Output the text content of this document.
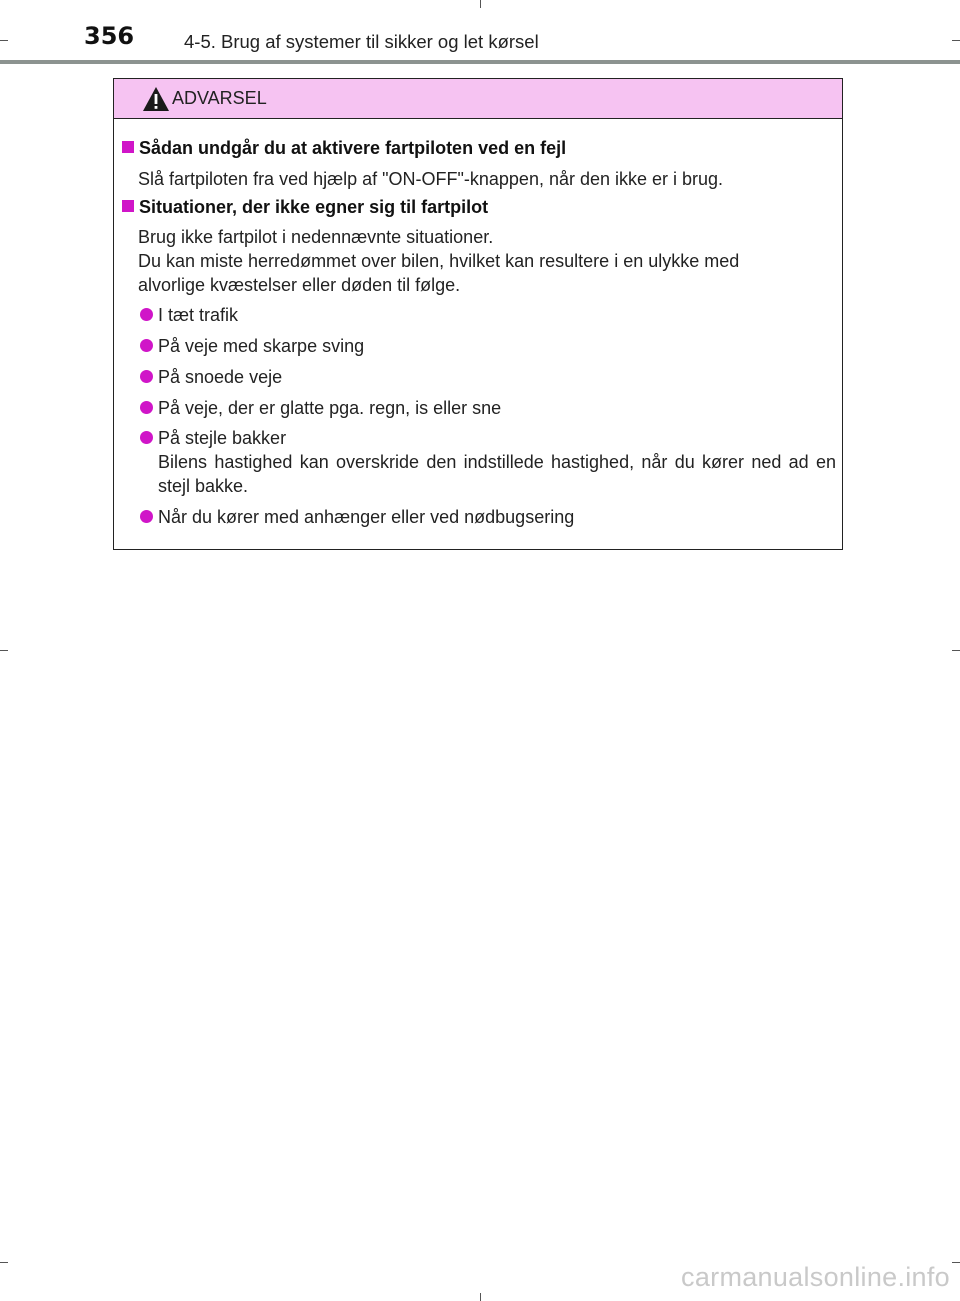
356	4-5. Brug af systemer til sikker og let kørsel
ADVARSEL
Sådan undgår du at aktivere fartpiloten ved en fejl
Slå fartpiloten fra ved hjælp af "ON-OFF"-knappen, når den ikke er i brug.
Situationer, der ikke egner sig til fartpilot
Brug ikke fartpilot i nedennævnte situationer.
Du kan miste herredømmet over bilen, hvilket kan resultere i en ulykke med
alvorlige kvæstelser eller døden til følge.
I tæt trafik
På veje med skarpe sving
På snoede veje
På veje, der er glatte pga. regn, is eller sne
På stejle bakker
Bilens hastighed kan overskride den indstillede hastighed, når du kører ned ad en stejl bakke.
Når du kører med anhænger eller ved nødbugsering
carmanualsonline.info
